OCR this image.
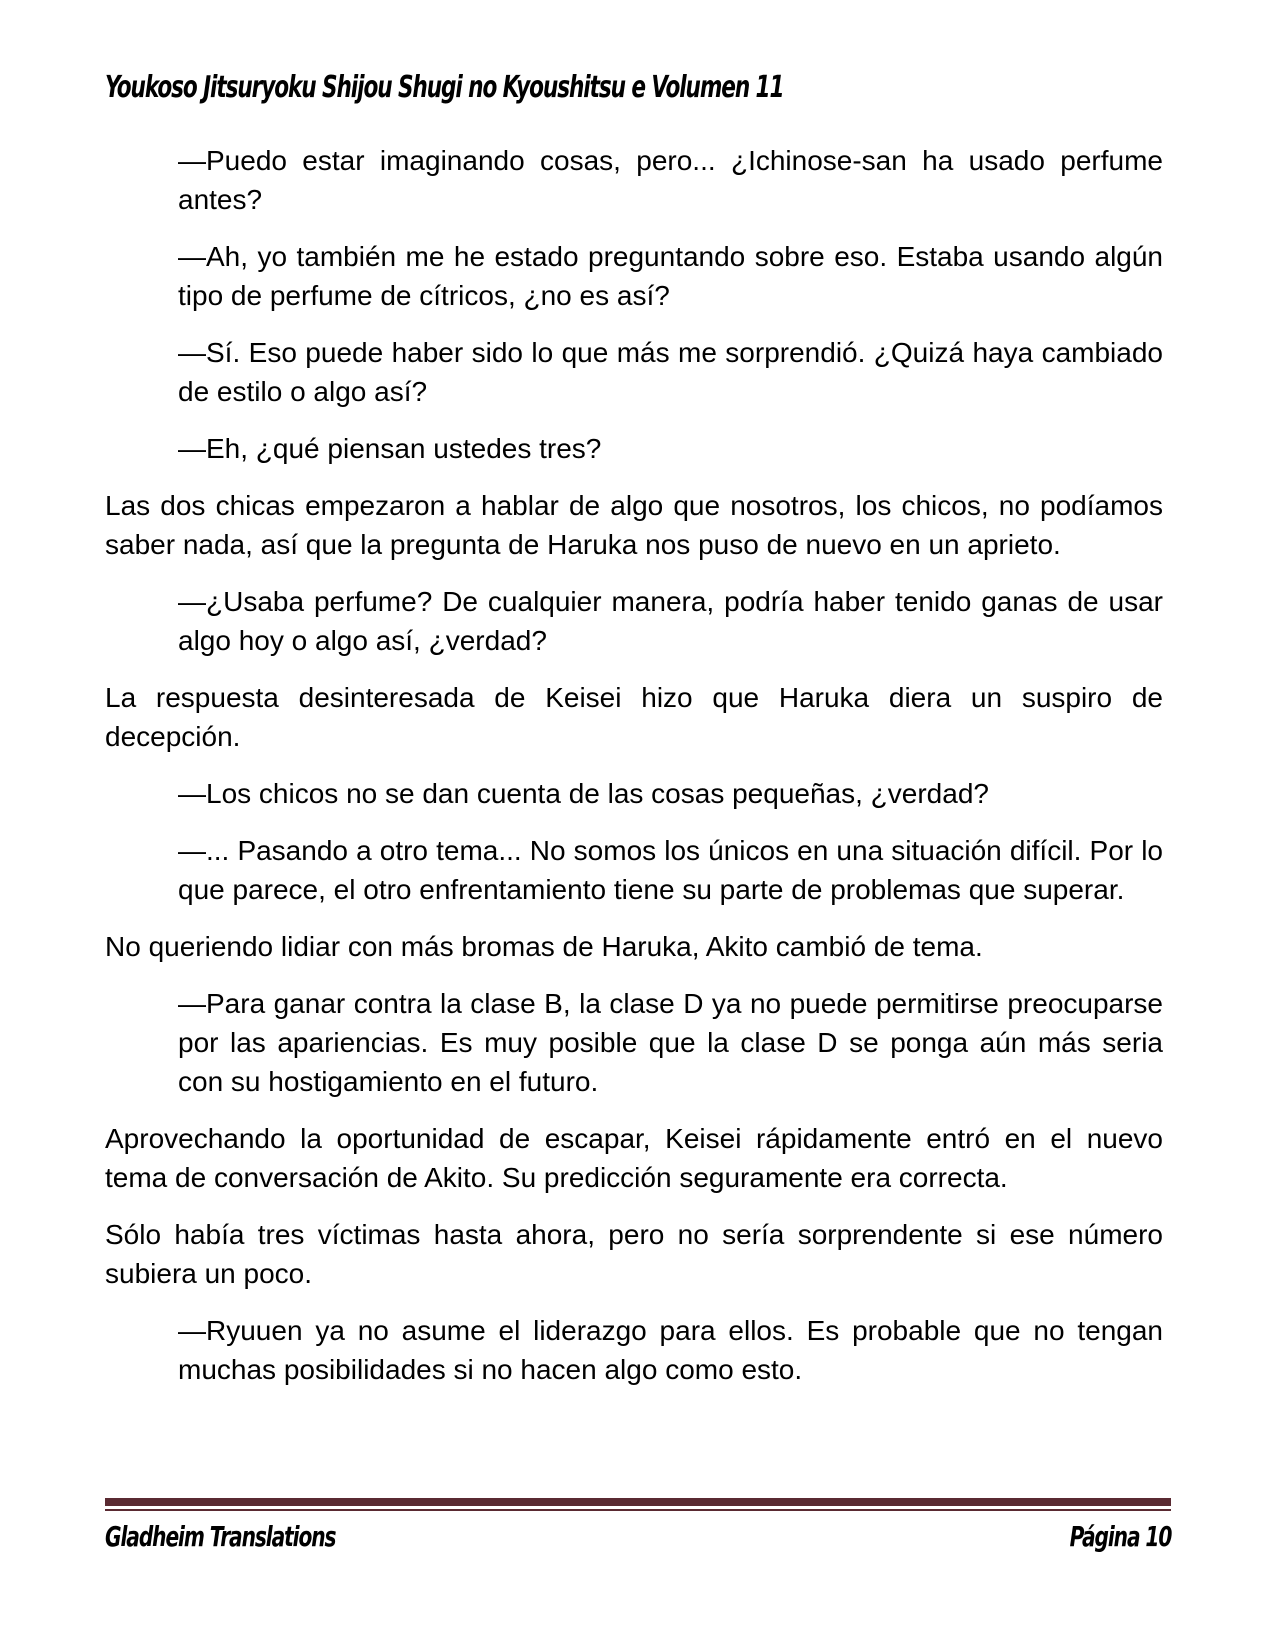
Youkoso Jitsuryoku Shijou Shugi no Kyoushitsu e Volumen 11

—Puedo estar imaginando cosas, pero... ¿Ichinose-san ha usado perfume antes?

—Ah, yo también me he estado preguntando sobre eso. Estaba usando algún tipo de perfume de cítricos, ¿no es así?

—Sí. Eso puede haber sido lo que más me sorprendió. ¿Quizá haya cambiado de estilo o algo así?

—Eh, ¿qué piensan ustedes tres?

Las dos chicas empezaron a hablar de algo que nosotros, los chicos, no podíamos saber nada, así que la pregunta de Haruka nos puso de nuevo en un aprieto.

—¿Usaba perfume? De cualquier manera, podría haber tenido ganas de usar algo hoy o algo así, ¿verdad?

La respuesta desinteresada de Keisei hizo que Haruka diera un suspiro de decepción.

—Los chicos no se dan cuenta de las cosas pequeñas, ¿verdad?

—... Pasando a otro tema... No somos los únicos en una situación difícil. Por lo que parece, el otro enfrentamiento tiene su parte de problemas que superar.

No queriendo lidiar con más bromas de Haruka, Akito cambió de tema.

—Para ganar contra la clase B, la clase D ya no puede permitirse preocuparse por las apariencias. Es muy posible que la clase D se ponga aún más seria con su hostigamiento en el futuro.

Aprovechando la oportunidad de escapar, Keisei rápidamente entró en el nuevo tema de conversación de Akito. Su predicción seguramente era correcta.

Sólo había tres víctimas hasta ahora, pero no sería sorprendente si ese número subiera un poco.

—Ryuuen ya no asume el liderazgo para ellos. Es probable que no tengan muchas posibilidades si no hacen algo como esto.

Gladheim Translations	Página 10
